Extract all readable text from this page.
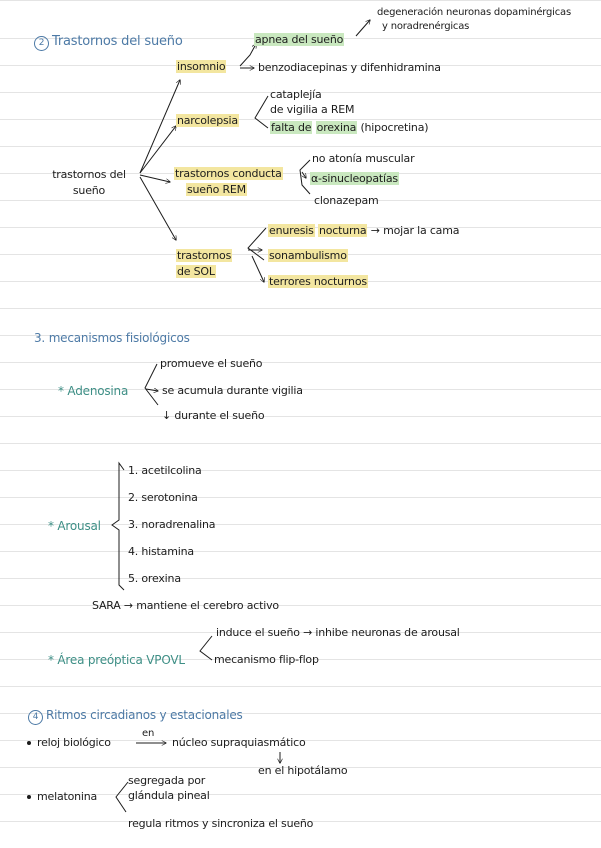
2 Trastornos del sueño
trastornos del sueño
insomnio
apnea del sueño
degeneración neuronas dopaminérgicas
y noradrenérgicas
benzodiacepinas y difenhidramina
narcolepsia
cataplejía
de vigilia a REM
falta de orexina (hipocretina)
trastornos conducta
sueño REM
no atonía muscular
α-sinucleopatías
clonazepam
trastornos
de SOL
enuresis nocturna → mojar la cama
sonambulismo
terrores nocturnos
3. mecanismos fisiológicos
* Adenosina
promueve el sueño
se acumula durante vigilia
↓ durante el sueño
* Arousal
1. acetilcolina
2. serotonina
3. noradrenalina
4. histamina
5. orexina
SARA → mantiene el cerebro activo
induce el sueño → inhibe neuronas de arousal
* Área preóptica VPOVL	mecanismo flip-flop
4 Ritmos circadianos y estacionales
reloj biológico
en
núcleo supraquiasmático
en el hipotálamo
melatonina
segregada por
glándula pineal
regula ritmos y sincroniza el sueño
